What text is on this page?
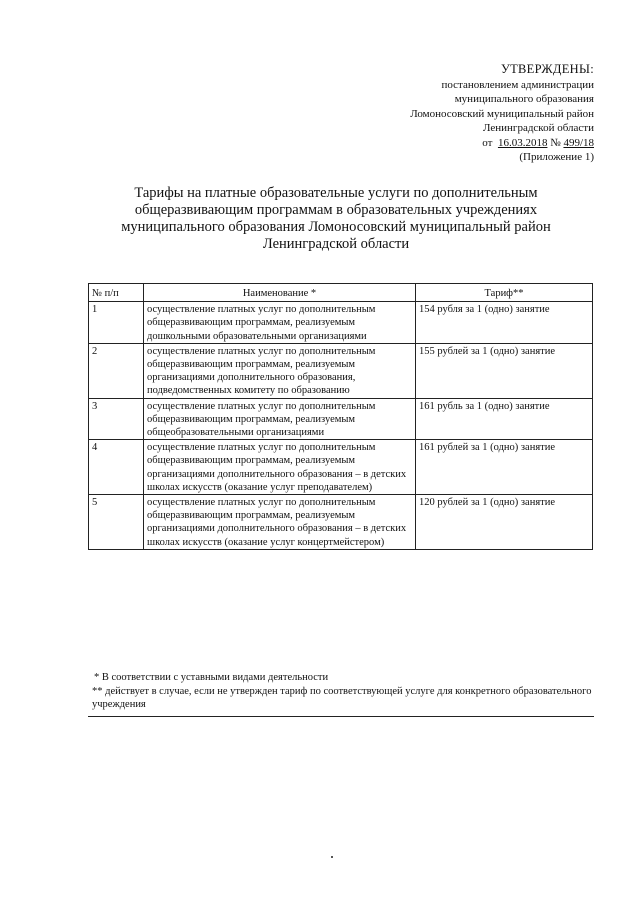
УТВЕРЖДЕНЫ:
постановлением администрации
муниципального образования
Ломоносовский муниципальный район
Ленинградской области
от 16.03.2018 № 499/18
(Приложение 1)
Тарифы на платные образовательные услуги по дополнительным
общеразвивающим программам в образовательных учреждениях
муниципального образования Ломоносовский муниципальный район
Ленинградской области
№ п/п	Наименование *	Тариф**
1	осуществление платных услуг по дополнительным общеразвивающим программам, реализуемым дошкольными образовательными организациями	154 рубля за 1 (одно) занятие
2	осуществление платных услуг по дополнительным общеразвивающим программам, реализуемым организациями дополнительного образования, подведомственных комитету по образованию	155 рублей за 1 (одно) занятие
3	осуществление платных услуг по дополнительным общеразвивающим программам, реализуемым общеобразовательными организациями	161 рубль за 1 (одно) занятие
4	осуществление платных услуг по дополнительным общеразвивающим программам, реализуемым организациями дополнительного образования – в детских школах искусств (оказание услуг преподавателем)	161 рублей за 1 (одно) занятие
5	осуществление платных услуг по дополнительным общеразвивающим программам, реализуемым организациями дополнительного образования – в детских школах искусств (оказание услуг концертмейстером)	120 рублей за 1 (одно) занятие
* В соответствии с уставными видами деятельности
** действует в случае, если не утвержден тариф по соответствующей услуге для конкретного образовательного учреждения
